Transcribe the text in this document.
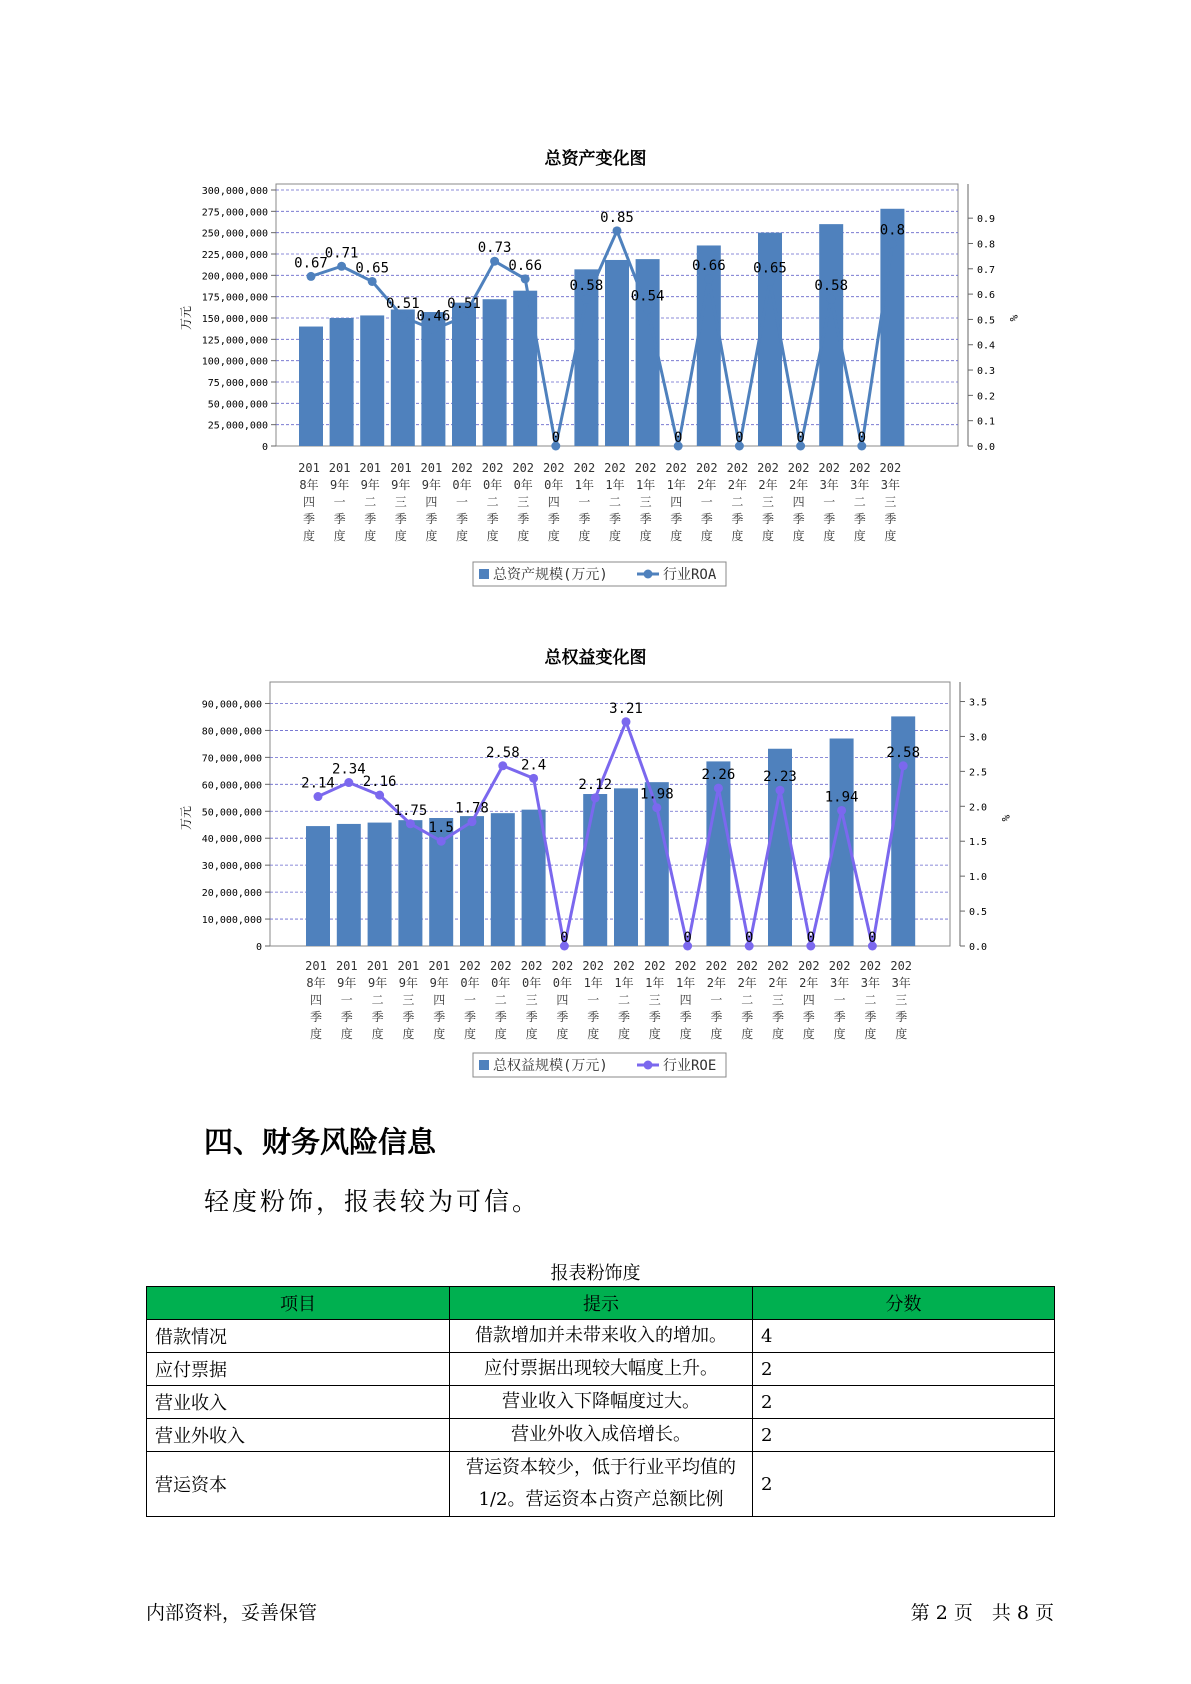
总资产变化图
0
25,000,000
50,000,000
75,000,000
100,000,000
125,000,000
150,000,000
175,000,000
200,000,000
225,000,000
250,000,000
275,000,000
300,000,000
0.0
0.1
0.2
0.3
0.4
0.5
0.6
0.7
0.8
0.9
万元	%
0.67
0.71
0.65
0.51
0.46
0.51
0.73
0.66
0
0.58
0.85
0.54
0
0.66
0
0.65
0
0.58
0
0.8
201
8年
四
季
度
201
9年
一
季
度
201
9年
二
季
度
201
9年
三
季
度
201
9年
四
季
度
202
0年
一
季
度
202
0年
二
季
度
202
0年
三
季
度
202
0年
四
季
度
202
1年
一
季
度
202
1年
二
季
度
202
1年
三
季
度
202
1年
四
季
度
202
2年
一
季
度
202
2年
二
季
度
202
2年
三
季
度
202
2年
四
季
度
202
3年
一
季
度
202
3年
二
季
度
202
3年
三
季
度
总资产规模(万元)	行业ROA
总权益变化图
0
10,000,000
20,000,000
30,000,000
40,000,000
50,000,000
60,000,000
70,000,000
80,000,000
90,000,000
0.0
0.5
1.0
1.5
2.0
2.5
3.0
3.5
万元	%
2.14
2.34
2.16
1.75
1.5
1.78
2.58
2.4
0
2.12
3.21
1.98
0
2.26
0
2.23
0
1.94
0
2.58
201
8年
四
季
度
201
9年
一
季
度
201
9年
二
季
度
201
9年
三
季
度
201
9年
四
季
度
202
0年
一
季
度
202
0年
二
季
度
202
0年
三
季
度
202
0年
四
季
度
202
1年
一
季
度
202
1年
二
季
度
202
1年
三
季
度
202
1年
四
季
度
202
2年
一
季
度
202
2年
二
季
度
202
2年
三
季
度
202
2年
四
季
度
202
3年
一
季
度
202
3年
二
季
度
202
3年
三
季
度
总权益规模(万元)	行业ROE
四、财务风险信息
轻度粉饰，报表较为可信。
报表粉饰度
项目	提示	分数
借款情况	借款增加并未带来收入的增加。	4
应付票据	应付票据出现较大幅度上升。	2
营业收入	营业收入下降幅度过大。	2
营业外收入	营业外收入成倍增长。	2
营运资本	营运资本较少，低于行业平均值的1/2。营运资本占资产总额比例	2
内部资料，妥善保管	第 2 页　共 8 页
